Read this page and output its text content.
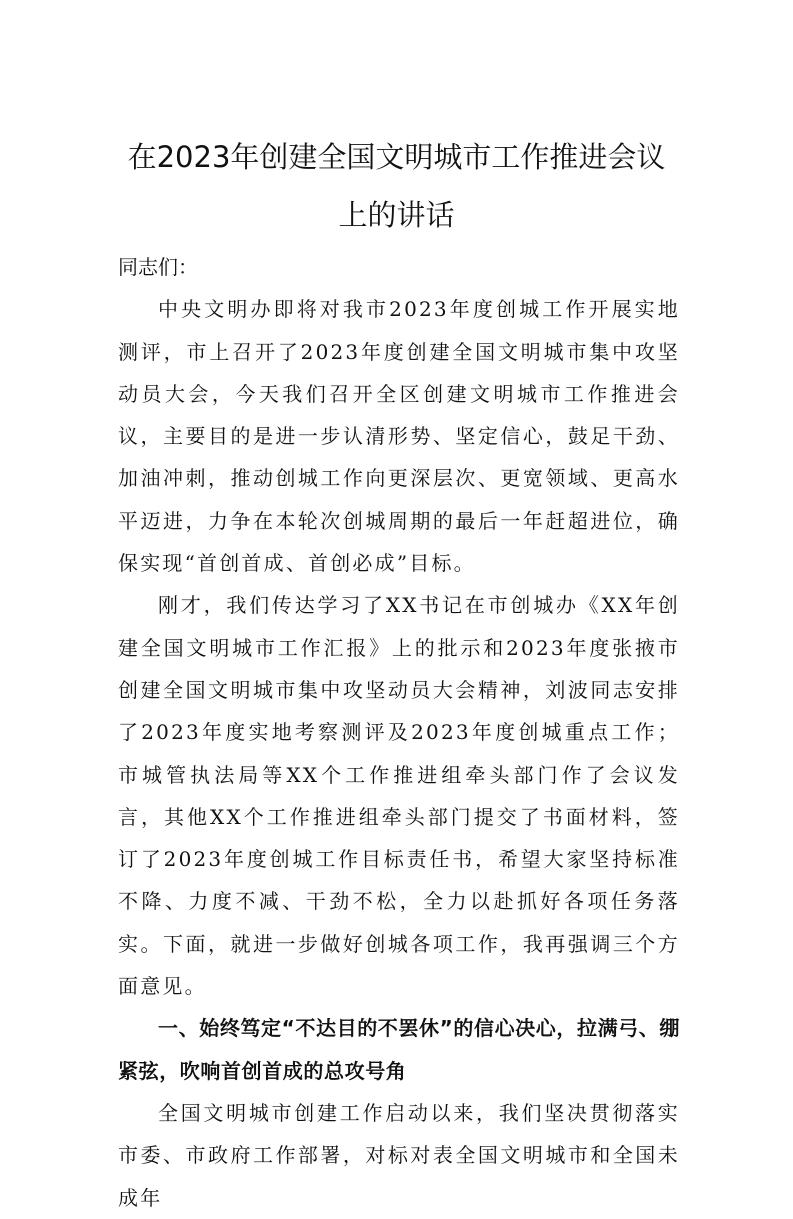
在2023年创建全国文明城市工作推进会议
上的讲话

同志们：

中央文明办即将对我市2023年度创城工作开展实地测评，市上召开了2023年度创建全国文明城市集中攻坚动员大会，今天我们召开全区创建文明城市工作推进会议，主要目的是进一步认清形势、坚定信心，鼓足干劲、加油冲刺，推动创城工作向更深层次、更宽领域、更高水平迈进，力争在本轮次创城周期的最后一年赶超进位，确保实现“首创首成、首创必成”目标。

刚才，我们传达学习了XX书记在市创城办《XX年创建全国文明城市工作汇报》上的批示和2023年度张掖市创建全国文明城市集中攻坚动员大会精神，刘波同志安排了2023年度实地考察测评及2023年度创城重点工作；市城管执法局等XX个工作推进组牵头部门作了会议发言，其他XX个工作推进组牵头部门提交了书面材料，签订了2023年度创城工作目标责任书，希望大家坚持标准不降、力度不减、干劲不松，全力以赴抓好各项任务落实。下面，就进一步做好创城各项工作，我再强调三个方面意见。

一、始终笃定“不达目的不罢休”的信心决心，拉满弓、绷紧弦，吹响首创首成的总攻号角

全国文明城市创建工作启动以来，我们坚决贯彻落实市委、市政府工作部署，对标对表全国文明城市和全国未成年
